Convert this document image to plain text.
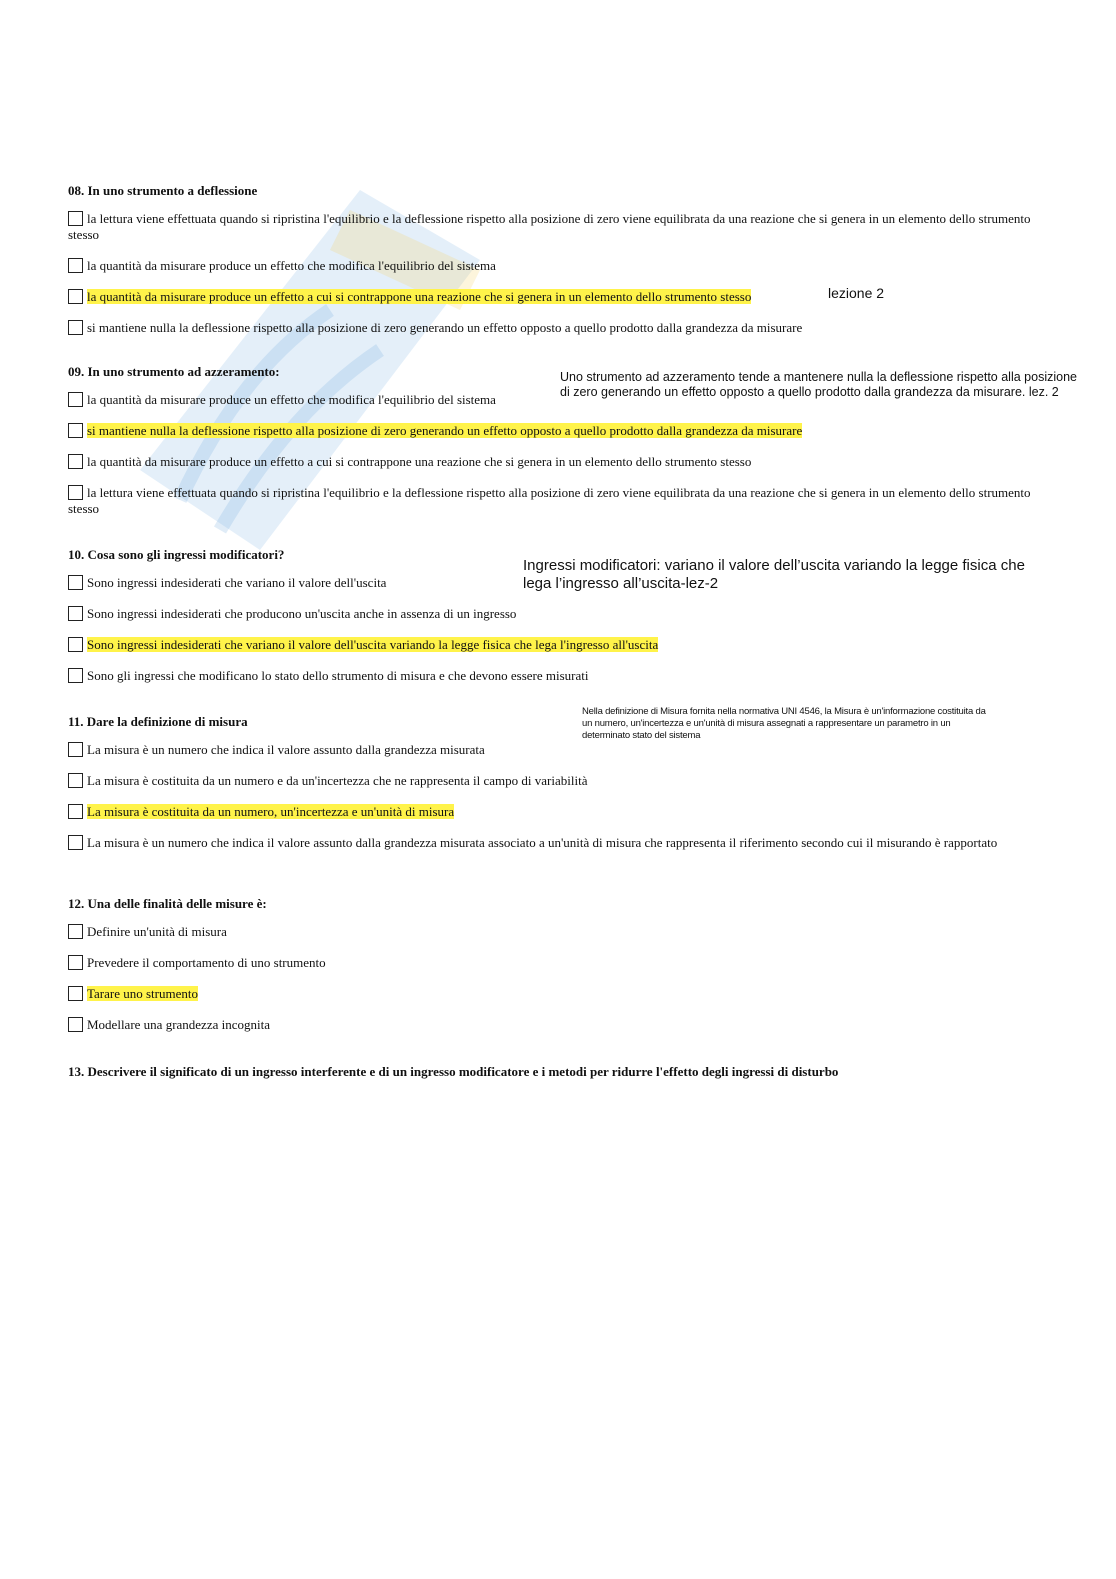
08. In uno strumento a deflessione
la lettura viene effettuata quando si ripristina l'equilibrio e la deflessione rispetto alla posizione di zero viene equilibrata da una reazione che si genera in un elemento dello strumento stesso
la quantità da misurare produce un effetto che modifica l'equilibrio del sistema
la quantità da misurare produce un effetto a cui si contrappone una reazione che si genera in un elemento dello strumento stesso
si mantiene nulla la deflessione rispetto alla posizione di zero generando un effetto opposto a quello prodotto dalla grandezza da misurare
09. In uno strumento ad azzeramento:
la quantità da misurare produce un effetto che modifica l'equilibrio del sistema
si mantiene nulla la deflessione rispetto alla posizione di zero generando un effetto opposto a quello prodotto dalla grandezza da misurare
la quantità da misurare produce un effetto a cui si contrappone una reazione che si genera in un elemento dello strumento stesso
la lettura viene effettuata quando si ripristina l'equilibrio e la deflessione rispetto alla posizione di zero viene equilibrata da una reazione che si genera in un elemento dello strumento stesso
10. Cosa sono gli ingressi modificatori?
Sono ingressi indesiderati che variano il valore dell'uscita
Sono ingressi indesiderati che producono un'uscita anche in assenza di un ingresso
Sono ingressi indesiderati che variano il valore dell'uscita variando la legge fisica che lega l'ingresso all'uscita
Sono gli ingressi che modificano lo stato dello strumento di misura e che devono essere misurati
11. Dare la definizione di misura
La misura è un numero che indica il valore assunto dalla grandezza misurata
La misura è costituita da un numero e da un'incertezza che ne rappresenta il campo di variabilità
La misura è costituita da un numero, un'incertezza e un'unità di misura
La misura è un numero che indica il valore assunto dalla grandezza misurata associato a un'unità di misura che rappresenta il riferimento secondo cui il misurando è rapportato
12. Una delle finalità delle misure è:
Definire un'unità di misura
Prevedere il comportamento di uno strumento
Tarare uno strumento
Modellare una grandezza incognita
13. Descrivere il significato di un ingresso interferente e di un ingresso modificatore e i metodi per ridurre l'effetto degli ingressi di disturbo
lezione 2
Uno strumento ad azzeramento tende a mantenere nulla la deflessione rispetto alla posizione di zero generando un effetto opposto a quello prodotto dalla grandezza da misurare. lez. 2
Ingressi modificatori: variano il valore dell’uscita variando la legge fisica che lega l’ingresso all’uscita-lez-2
Nella definizione di Misura fornita nella normativa UNI 4546, la Misura è un'informazione costituita da
un numero, un'incertezza e un'unità di misura assegnati a rappresentare un parametro in un determinato stato del sistema
